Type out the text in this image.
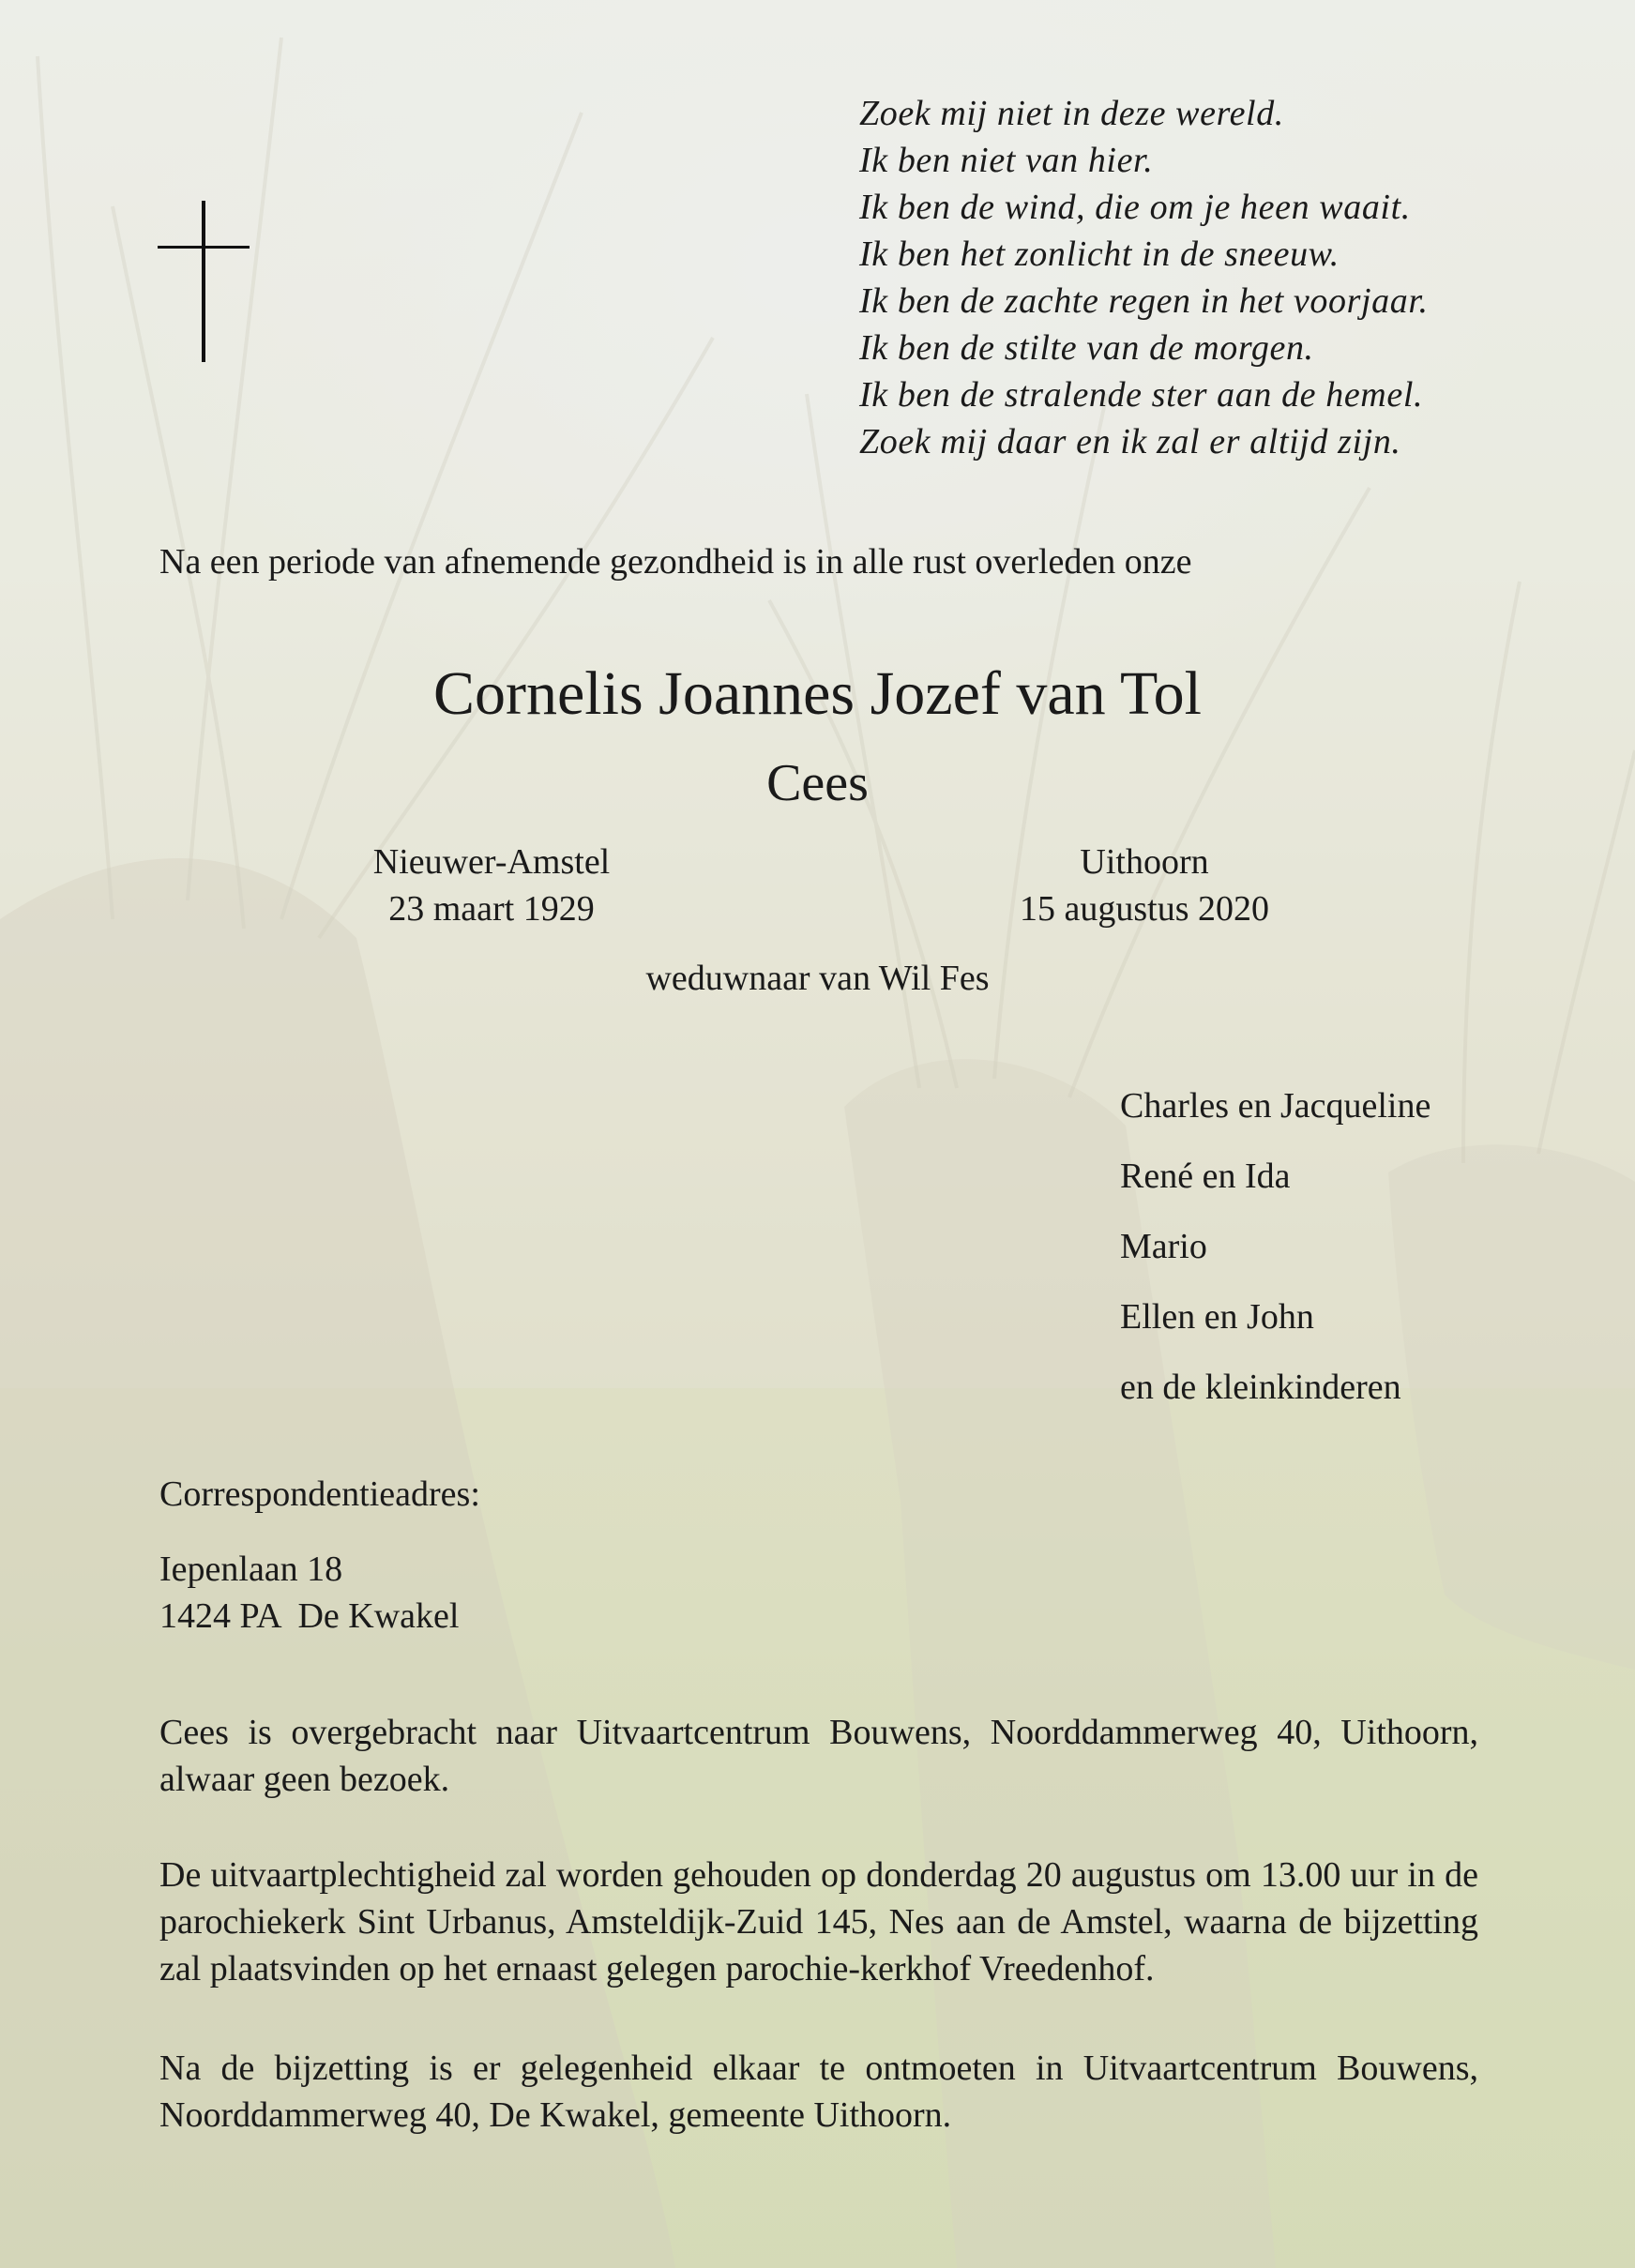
Zoek mij niet in deze wereld.
Ik ben niet van hier.
Ik ben de wind, die om je heen waait.
Ik ben het zonlicht in de sneeuw.
Ik ben de zachte regen in het voorjaar.
Ik ben de stilte van de morgen.
Ik ben de stralende ster aan de hemel.
Zoek mij daar en ik zal er altijd zijn.
Na een periode van afnemende gezondheid is in alle rust overleden onze
Cornelis Joannes Jozef van Tol
Cees
Nieuwer-Amstel
23 maart 1929
Uithoorn
15 augustus 2020
weduwnaar van Wil Fes
Charles en Jacqueline
René en Ida
Mario
Ellen en John
en de kleinkinderen
Correspondentieadres:
Iepenlaan 18
1424 PA  De Kwakel
Cees is overgebracht naar Uitvaartcentrum Bouwens, Noorddammerweg 40, Uithoorn, alwaar geen bezoek.
De uitvaartplechtigheid zal worden gehouden op donderdag 20 augustus om 13.00 uur in de parochiekerk Sint Urbanus, Amsteldijk-Zuid 145, Nes aan de Amstel, waarna de bijzetting zal plaatsvinden op het ernaast gelegen parochie-kerkhof Vreedenhof.
Na de bijzetting is er gelegenheid elkaar te ontmoeten in Uitvaartcentrum Bouwens, Noorddammerweg 40, De Kwakel, gemeente Uithoorn.
